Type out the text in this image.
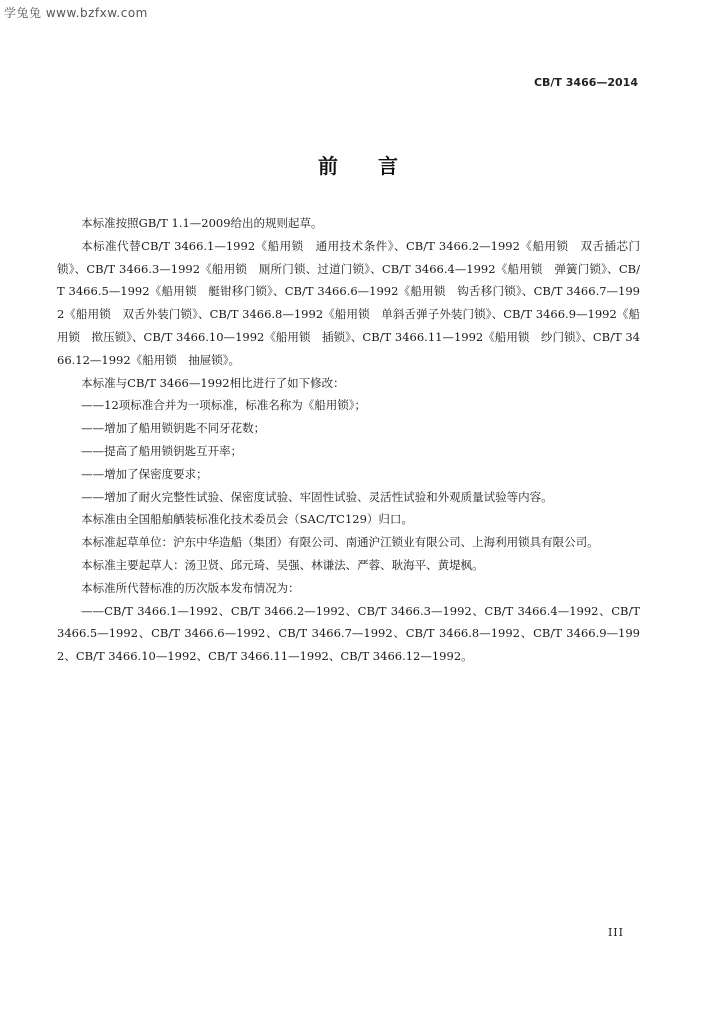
学兔兔 www.bzfxw.com
CB/T 3466—2014
前言

本标准按照GB/T 1.1—2009给出的规则起草。

本标准代替CB/T 3466.1—1992《船用锁　通用技术条件》、CB/T 3466.2—1992《船用锁　双舌插芯门锁》、CB/T 3466.3—1992《船用锁　厕所门锁、过道门锁》、CB/T 3466.4—1992《船用锁　弹簧门锁》、CB/T 3466.5—1992《船用锁　艇钳移门锁》、CB/T 3466.6—1992《船用锁　钩舌移门锁》、CB/T 3466.7—1992《船用锁　双舌外装门锁》、CB/T 3466.8—1992《船用锁　单斜舌弹子外装门锁》、CB/T 3466.9—1992《船用锁　揿压锁》、CB/T 3466.10—1992《船用锁　插锁》、CB/T 3466.11—1992《船用锁　纱门锁》、CB/T 3466.12—1992《船用锁　抽屉锁》。

本标准与CB/T 3466—1992相比进行了如下修改：

——12项标准合并为一项标准，标准名称为《船用锁》；

——增加了船用锁钥匙不同牙花数；

——提高了船用锁钥匙互开率；

——增加了保密度要求；

——增加了耐火完整性试验、保密度试验、牢固性试验、灵活性试验和外观质量试验等内容。

本标准由全国船舶舾装标准化技术委员会（SAC/TC129）归口。

本标准起草单位：沪东中华造船（集团）有限公司、南通沪江锁业有限公司、上海利用锁具有限公司。

本标准主要起草人：汤卫贤、邱元琦、吴强、林谦法、严蓉、耿海平、黄堤枫。

本标准所代替标准的历次版本发布情况为：

——CB/T 3466.1—1992、CB/T 3466.2—1992、CB/T 3466.3—1992、CB/T 3466.4—1992、CB/T 3466.5—1992、CB/T 3466.6—1992、CB/T 3466.7—1992、CB/T 3466.8—1992、CB/T 3466.9—1992、CB/T 3466.10—1992、CB/T 3466.11—1992、CB/T 3466.12—1992。

III
